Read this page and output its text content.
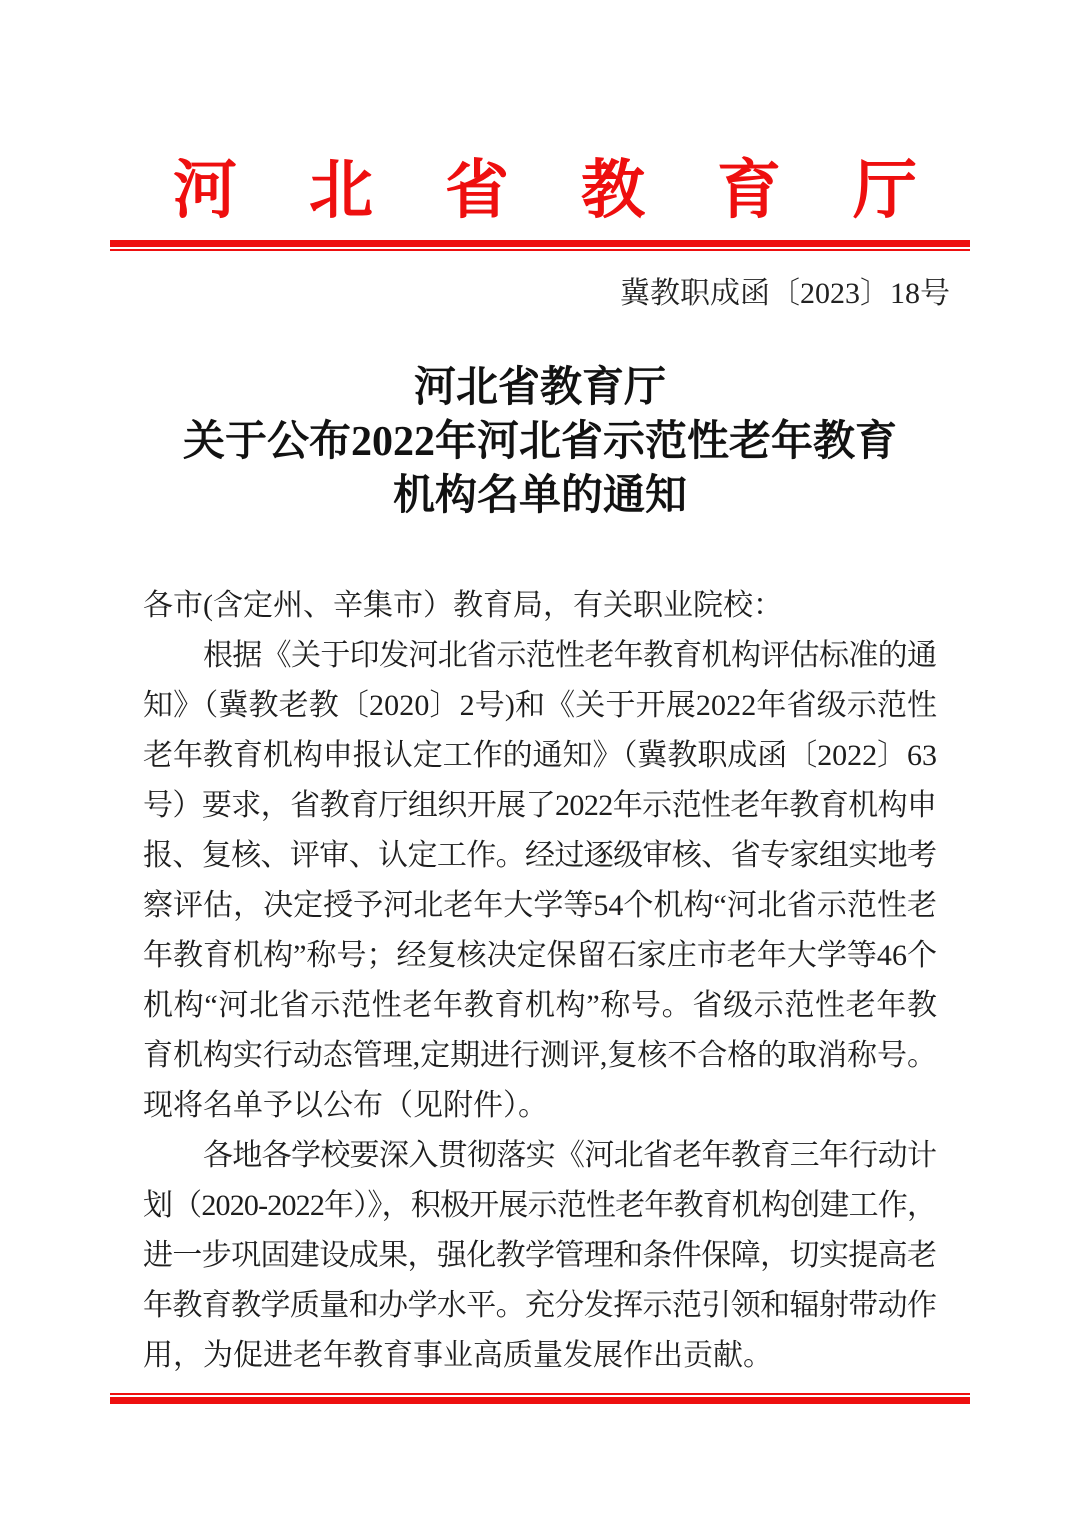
河北省教育厅
冀教职成函〔2023〕18号
河北省教育厅
关于公布2022年河北省示范性老年教育
机构名单的通知
各市(含定州、辛集市）教育局，有关职业院校：
根据《关于印发河北省示范性老年教育机构评估标准的通
知》（冀教老教〔2020〕2号)和《关于开展2022年省级示范性
老年教育机构申报认定工作的通知》（冀教职成函〔2022〕63
号）要求，省教育厅组织开展了2022年示范性老年教育机构申
报、复核、评审、认定工作。经过逐级审核、省专家组实地考
察评估，决定授予河北老年大学等54个机构“河北省示范性老
年教育机构”称号；经复核决定保留石家庄市老年大学等46个
机构“河北省示范性老年教育机构”称号。省级示范性老年教
育机构实行动态管理,定期进行测评,复核不合格的取消称号。
现将名单予以公布（见附件）。
各地各学校要深入贯彻落实《河北省老年教育三年行动计
划（2020-2022年）》，积极开展示范性老年教育机构创建工作，
进一步巩固建设成果，强化教学管理和条件保障，切实提高老
年教育教学质量和办学水平。充分发挥示范引领和辐射带动作
用，为促进老年教育事业高质量发展作出贡献。
